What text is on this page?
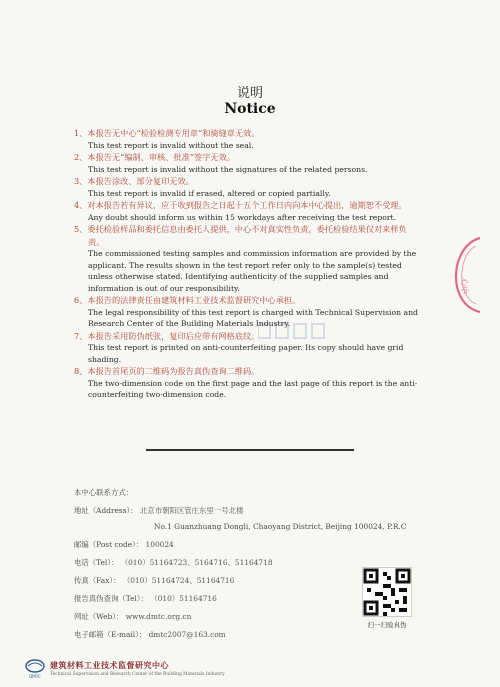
说明
Notice
1、本报告无中心“检验检测专用章”和骑缝章无效。
This test report is invalid without the seal.
2、本报告无“编制、审核、批准”签字无效。
This test report is invalid without the signatures of the related persons.
3、本报告涂改、部分复印无效。
This test report is invalid if erased, altered or copied partially.
4、对本报告若有异议，应于收到报告之日起十五个工作日内向本中心提出，逾期恕不受理。
Any doubt should inform us within 15 workdays after receiving the test report.
5、委托检验样品和委托信息由委托人提供，中心不对真实性负责，委托检验结果仅对来样负责。
The commissioned testing samples and commission information are provided by the applicant. The results shown in the test report refer only to the sample(s) tested unless otherwise stated. Identifying authenticity of the supplied samples and information is out of our responsibility.
6、本报告的法律责任由建筑材料工业技术监督研究中心承担。
The legal responsibility of this test report is charged with Technical Supervision and Research Center of the Building Materials Industry.
7、本报告采用防伪纸张，复印后应带有网格底纹。
This test report is printed on anti-counterfeiting paper. Its copy should have grid shading.
8、本报告首尾页的二维码为报告真伪查询二维码。
The two-dimension code on the first page and the last page of this report is the anti-counterfeiting two-dimension code.
心中
本中心联系方式：
地址（Address）： 北京市朝阳区管庄东里一号北楼
No.1 Guanzhuang Dongli, Chaoyang District, Beijing 100024, P.R.C
邮编（Post code）： 100024
电话（Tel）： （010）51164723、5164716、51164718
传真（Fax）： （010）51164724、51164716
报告真伪查询（Tel）： （010）51164716
网址（Web）： www.dmtc.org.cn
电子邮箱（E-mail）： dmtc2007@163.com
扫一扫验真伪
DMTC
建筑材料工业技术监督研究中心
Technical Supervision and Research Center of the Building Materials Industry
